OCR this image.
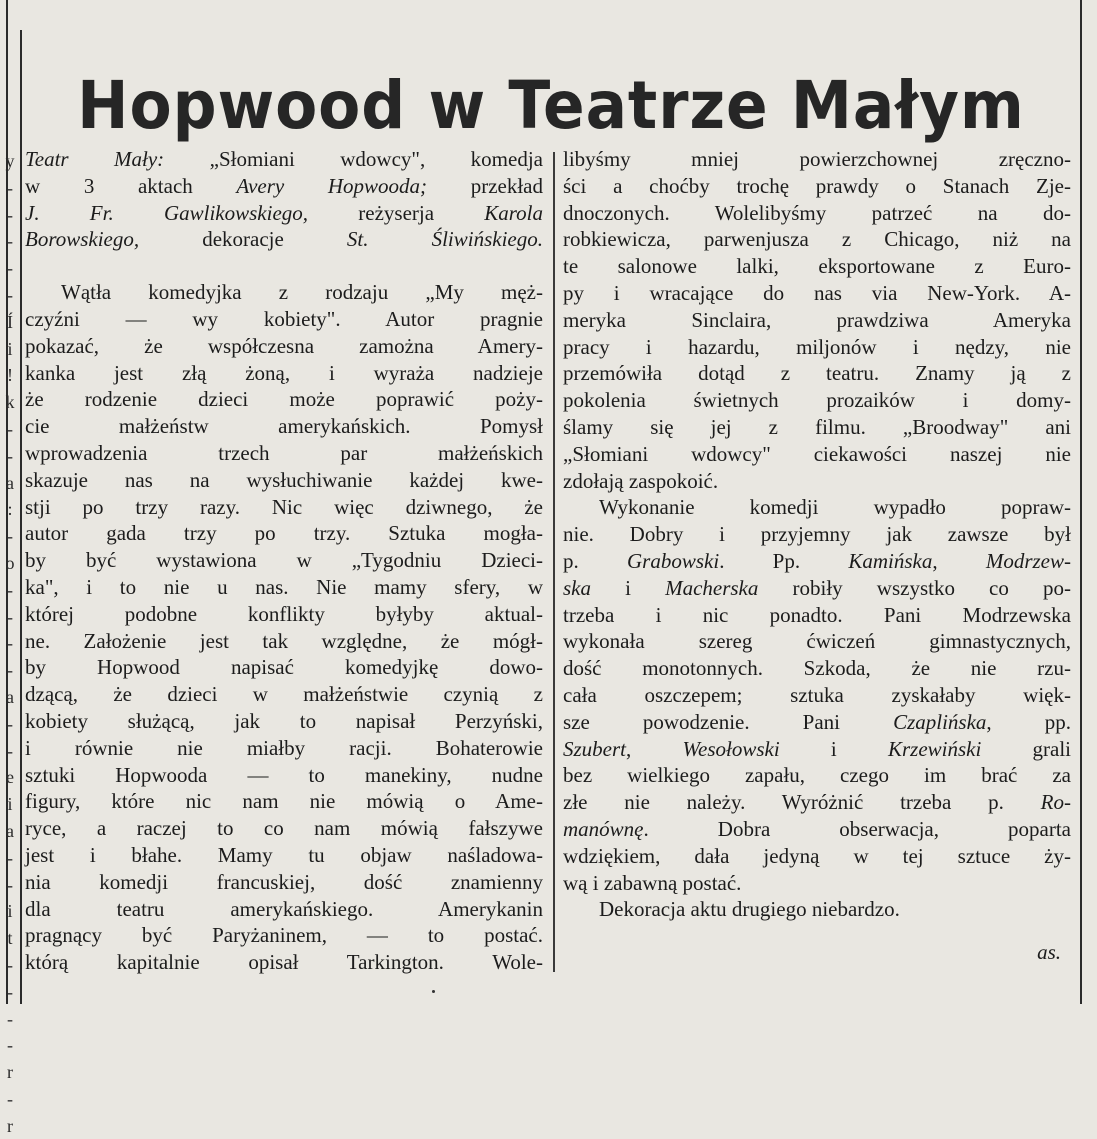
y
-
-
-
-
-
Í
i
!
k
-
-
a
:
-
o
-
-
-
-
a
-
-
e
i
a
-
-
i
t
-
-
-
-
r
-
r
Hopwood w Teatrze Małym
Teatr Mały: „Słomiani wdowcy", komedja
w 3 aktach Avery Hopwooda; przekład
J. Fr. Gawlikowskiego, reżyserja Karola
Borowskiego, dekoracje St. Śliwińskiego.
Wątła komedyjka z rodzaju „My męż-
czyźni — wy kobiety". Autor pragnie
pokazać, że współczesna zamożna Amery-
kanka jest złą żoną, i wyraża nadzieje
że rodzenie dzieci może poprawić poży-
cie małżeństw amerykańskich. Pomysł
wprowadzenia trzech par małżeńskich
skazuje nas na wysłuchiwanie każdej kwe-
stji po trzy razy. Nic więc dziwnego, że
autor gada trzy po trzy. Sztuka mogła-
by być wystawiona w „Tygodniu Dzieci-
ka", i to nie u nas. Nie mamy sfery, w
której podobne konflikty byłyby aktual-
ne. Założenie jest tak względne, że mógł-
by Hopwood napisać komedyjkę dowo-
dzącą, że dzieci w małżeństwie czynią z
kobiety służącą, jak to napisał Perzyński,
i równie nie miałby racji. Bohaterowie
sztuki Hopwooda — to manekiny, nudne
figury, które nic nam nie mówią o Ame-
ryce, a raczej to co nam mówią fałszywe
jest i błahe. Mamy tu objaw naśladowa-
nia komedji francuskiej, dość znamienny
dla teatru amerykańskiego. Amerykanin
pragnący być Paryżaninem, — to postać.
którą kapitalnie opisał Tarkington. Wole-
libyśmy mniej powierzchownej zręczno-
ści a choćby trochę prawdy o Stanach Zje-
dnoczonych. Wolelibyśmy patrzeć na do-
robkiewicza, parwenjusza z Chicago, niż na
te salonowe lalki, eksportowane z Euro-
py i wracające do nas via New-York. A-
meryka Sinclaira, prawdziwa Ameryka
pracy i hazardu, miljonów i nędzy, nie
przemówiła dotąd z teatru. Znamy ją z
pokolenia świetnych prozaików i domy-
ślamy się jej z filmu. „Broodway" ani
„Słomiani wdowcy" ciekawości naszej nie
zdołają zaspokoić.
Wykonanie komedji wypadło popraw-
nie. Dobry i przyjemny jak zawsze był
p. Grabowski. Pp. Kamińska, Modrzew-
ska i Macherska robiły wszystko co po-
trzeba i nic ponadto. Pani Modrzewska
wykonała szereg ćwiczeń gimnastycznych,
dość monotonnych. Szkoda, że nie rzu-
cała oszczepem; sztuka zyskałaby więk-
sze powodzenie. Pani Czaplińska, pp.
Szubert, Wesołowski i Krzewiński grali
bez wielkiego zapału, czego im brać za
złe nie należy. Wyróżnić trzeba p. Ro-
manównę. Dobra obserwacja, poparta
wdziękiem, dała jedyną w tej sztuce ży-
wą i zabawną postać.
Dekoracja aktu drugiego niebardzo.
as.
